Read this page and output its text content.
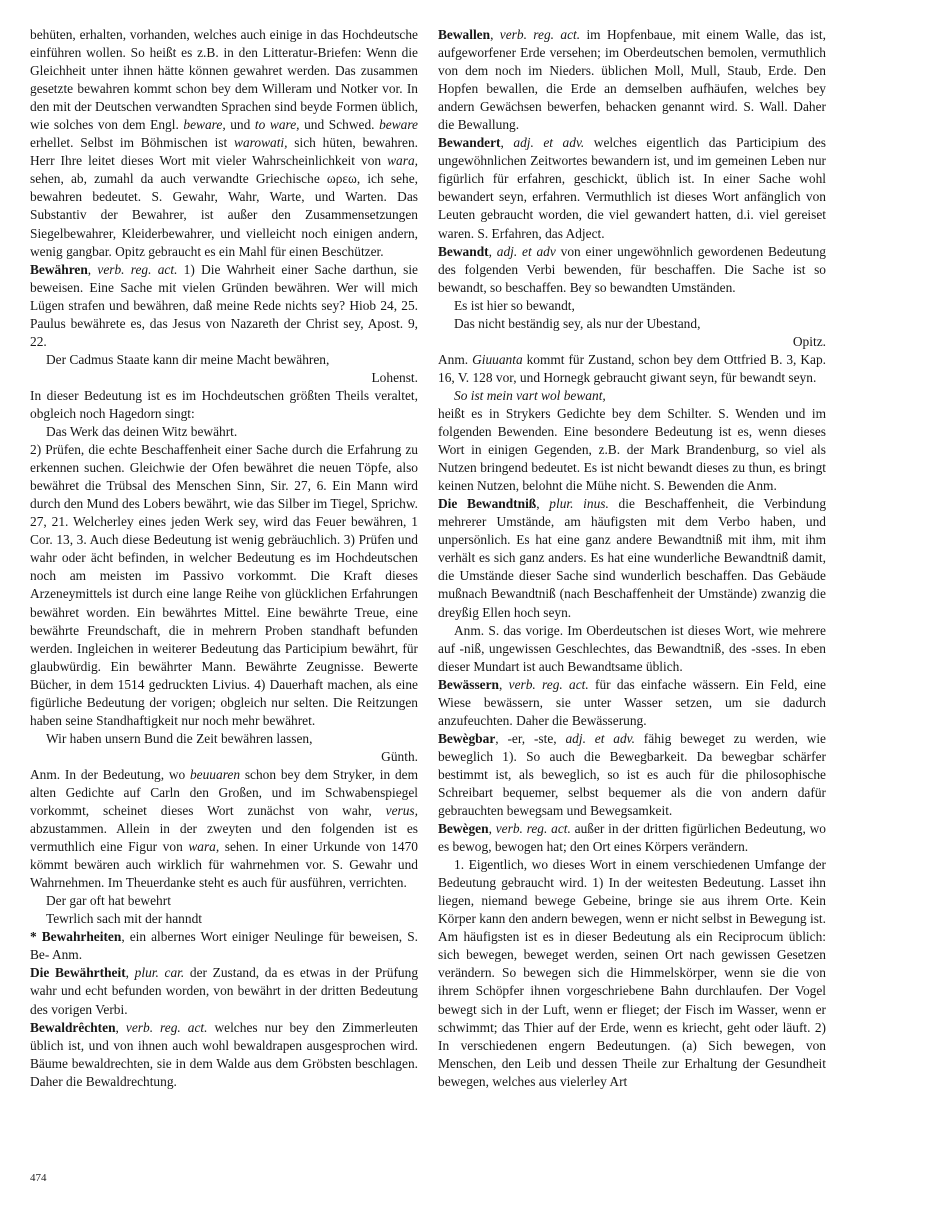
behüten, erhalten, vorhanden, welches auch einige in das Hochdeutsche einführen wollen. So heißt es z.B. in den Litteratur-Briefen: Wenn die Gleichheit unter ihnen hätte können gewahret werden. Das zusammen gesetzte bewahren kommt schon bey dem Willeram und Notker vor. In den mit der Deutschen verwandten Sprachen sind beyde Formen üblich, wie solches von dem Engl. beware, und to ware, und Schwed. beware erhellet. Selbst im Böhmischen ist warowati, sich hüten, bewahren. Herr Ihre leitet dieses Wort mit vieler Wahrscheinlichkeit von wara, sehen, ab, zumahl da auch verwandte Griechische ωρεω, ich sehe, bewahren bedeutet. S. Gewahr, Wahr, Warte, und Warten. Das Substantiv der Bewahrer, ist außer den Zusammensetzungen Siegelbewahrer, Kleiderbewahrer, und vielleicht noch einigen andern, wenig gangbar. Opitz gebraucht es ein Mahl für einen Beschützer.

Bewähren, verb. reg. act. 1) Die Wahrheit einer Sache darthun, sie beweisen. Eine Sache mit vielen Gründen bewähren. Wer will mich Lügen strafen und bewähren, daß meine Rede nichts sey? Hiob 24, 25. Paulus bewährete es, das Jesus von Nazareth der Christ sey, Apost. 9, 22.

Der Cadmus Staate kann dir meine Macht bewähren,

Lohenst.

In dieser Bedeutung ist es im Hochdeutschen größten Theils veraltet, obgleich noch Hagedorn singt:

Das Werk das deinen Witz bewährt.

2) Prüfen, die echte Beschaffenheit einer Sache durch die Erfahrung zu erkennen suchen. Gleichwie der Ofen bewähret die neuen Töpfe, also bewähret die Trübsal des Menschen Sinn, Sir. 27, 6. Ein Mann wird durch den Mund des Lobers bewährt, wie das Silber im Tiegel, Sprichw. 27, 21. Welcherley eines jeden Werk sey, wird das Feuer bewähren, 1 Cor. 13, 3. Auch diese Bedeutung ist wenig gebräuchlich. 3) Prüfen und wahr oder ächt befinden, in welcher Bedeutung es im Hochdeutschen noch am meisten im Passivo vorkommt. Die Kraft dieses Arzeneymittels ist durch eine lange Reihe von glücklichen Erfahrungen bewähret worden. Ein bewährtes Mittel. Eine bewährte Treue, eine bewährte Freundschaft, die in mehrern Proben standhaft befunden werden. Ingleichen in weiterer Bedeutung das Participium bewährt, für glaubwürdig. Ein bewährter Mann. Bewährte Zeugnisse. Bewerte Bücher, in dem 1514 gedruckten Livius. 4) Dauerhaft machen, als eine figürliche Bedeutung der vorigen; obgleich nur selten. Die Reitzungen haben seine Standhaftigkeit nur noch mehr bewähret.

Wir haben unsern Bund die Zeit bewähren lassen,

Günth.

Anm. In der Bedeutung, wo beuuaren schon bey dem Stryker, in dem alten Gedichte auf Carln den Großen, und im Schwabenspiegel vorkommt, scheinet dieses Wort zunächst von wahr, verus, abzustammen. Allein in der zweyten und den folgenden ist es vermuthlich eine Figur von wara, sehen. In einer Urkunde von 1470 kömmt bewären auch wirklich für wahrnehmen vor. S. Gewahr und Wahrnehmen. Im Theuerdanke steht es auch für ausführen, verrichten.

Der gar oft hat bewehrt

Tewrlich sach mit der hanndt

* Bewahrheiten, ein albernes Wort einiger Neulinge für beweisen, S. Be- Anm.

Die Bewährtheit, plur. car. der Zustand, da es etwas in der Prüfung wahr und echt befunden worden, von bewährt in der dritten Bedeutung des vorigen Verbi.

Bewaldrêchten, verb. reg. act. welches nur bey den Zimmerleuten üblich ist, und von ihnen auch wohl bewaldrapen ausgesprochen wird. Bäume bewaldrechten, sie in dem Walde aus dem Gröbsten beschlagen. Daher die Bewaldrechtung.

Bewallen, verb. reg. act. im Hopfenbaue, mit einem Walle, das ist, aufgeworfener Erde versehen; im Oberdeutschen bemolen, vermuthlich von dem noch im Nieders. üblichen Moll, Mull, Staub, Erde. Den Hopfen bewallen, die Erde an demselben aufhäufen, welches bey andern Gewächsen bewerfen, behacken genannt wird. S. Wall. Daher die Bewallung.

Bewandert, adj. et adv. welches eigentlich das Participium des ungewöhnlichen Zeitwortes bewandern ist, und im gemeinen Leben nur figürlich für erfahren, geschickt, üblich ist. In einer Sache wohl bewandert seyn, erfahren. Vermuthlich ist dieses Wort anfänglich von Leuten gebraucht worden, die viel gewandert hatten, d.i. viel gereiset waren. S. Erfahren, das Adject.

Bewandt, adj. et adv von einer ungewöhnlich gewordenen Bedeutung des folgenden Verbi bewenden, für beschaffen. Die Sache ist so bewandt, so beschaffen. Bey so bewandten Umständen.

Es ist hier so bewandt,

Das nicht beständig sey, als nur der Ubestand,

Opitz.

Anm. Giuuanta kommt für Zustand, schon bey dem Ottfried B. 3, Kap. 16, V. 128 vor, und Hornegk gebraucht giwant seyn, für bewandt seyn.

So ist mein vart wol bewant,

heißt es in Strykers Gedichte bey dem Schilter. S. Wenden und im folgenden Bewenden. Eine besondere Bedeutung ist es, wenn dieses Wort in einigen Gegenden, z.B. der Mark Brandenburg, so viel als Nutzen bringend bedeutet. Es ist nicht bewandt dieses zu thun, es bringt keinen Nutzen, belohnt die Mühe nicht. S. Bewenden die Anm.

Die Bewandtniß, plur. inus. die Beschaffenheit, die Verbindung mehrerer Umstände, am häufigsten mit dem Verbo haben, und unpersönlich. Es hat eine ganz andere Bewandtniß mit ihm, mit ihm verhält es sich ganz anders. Es hat eine wunderliche Bewandtniß damit, die Umstände dieser Sache sind wunderlich beschaffen. Das Gebäude mußnach Bewandtniß (nach Beschaffenheit der Umstände) zwanzig die dreyßig Ellen hoch seyn.

Anm. S. das vorige. Im Oberdeutschen ist dieses Wort, wie mehrere auf -niß, ungewissen Geschlechtes, das Bewandtniß, des -sses. In eben dieser Mundart ist auch Bewandtsame üblich.

Bewässern, verb. reg. act. für das einfache wässern. Ein Feld, eine Wiese bewässern, sie unter Wasser setzen, um sie dadurch anzufeuchten. Daher die Bewässerung.

Bewègbar, -er, -ste, adj. et adv. fähig beweget zu werden, wie beweglich 1). So auch die Bewegbarkeit. Da bewegbar schärfer bestimmt ist, als beweglich, so ist es auch für die philosophische Schreibart bequemer, selbst bequemer als die von andern dafür gebrauchten bewegsam und Bewegsamkeit.

Bewègen, verb. reg. act. außer in der dritten figürlichen Bedeutung, wo es bewog, bewogen hat; den Ort eines Körpers verändern.

1. Eigentlich, wo dieses Wort in einem verschiedenen Umfange der Bedeutung gebraucht wird. 1) In der weitesten Bedeutung. Lasset ihn liegen, niemand bewege Gebeine, bringe sie aus ihrem Orte. Kein Körper kann den andern bewegen, wenn er nicht selbst in Bewegung ist. Am häufigsten ist es in dieser Bedeutung als ein Reciprocum üblich: sich bewegen, beweget werden, seinen Ort nach gewissen Gesetzen verändern. So bewegen sich die Himmelskörper, wenn sie die von ihrem Schöpfer ihnen vorgeschriebene Bahn durchlaufen. Der Vogel bewegt sich in der Luft, wenn er flieget; der Fisch im Wasser, wenn er schwimmt; das Thier auf der Erde, wenn es kriecht, geht oder läuft. 2) In verschiedenen engern Bedeutungen. (a) Sich bewegen, von Menschen, den Leib und dessen Theile zur Erhaltung der Gesundheit bewegen, welches aus vielerley Art

474
